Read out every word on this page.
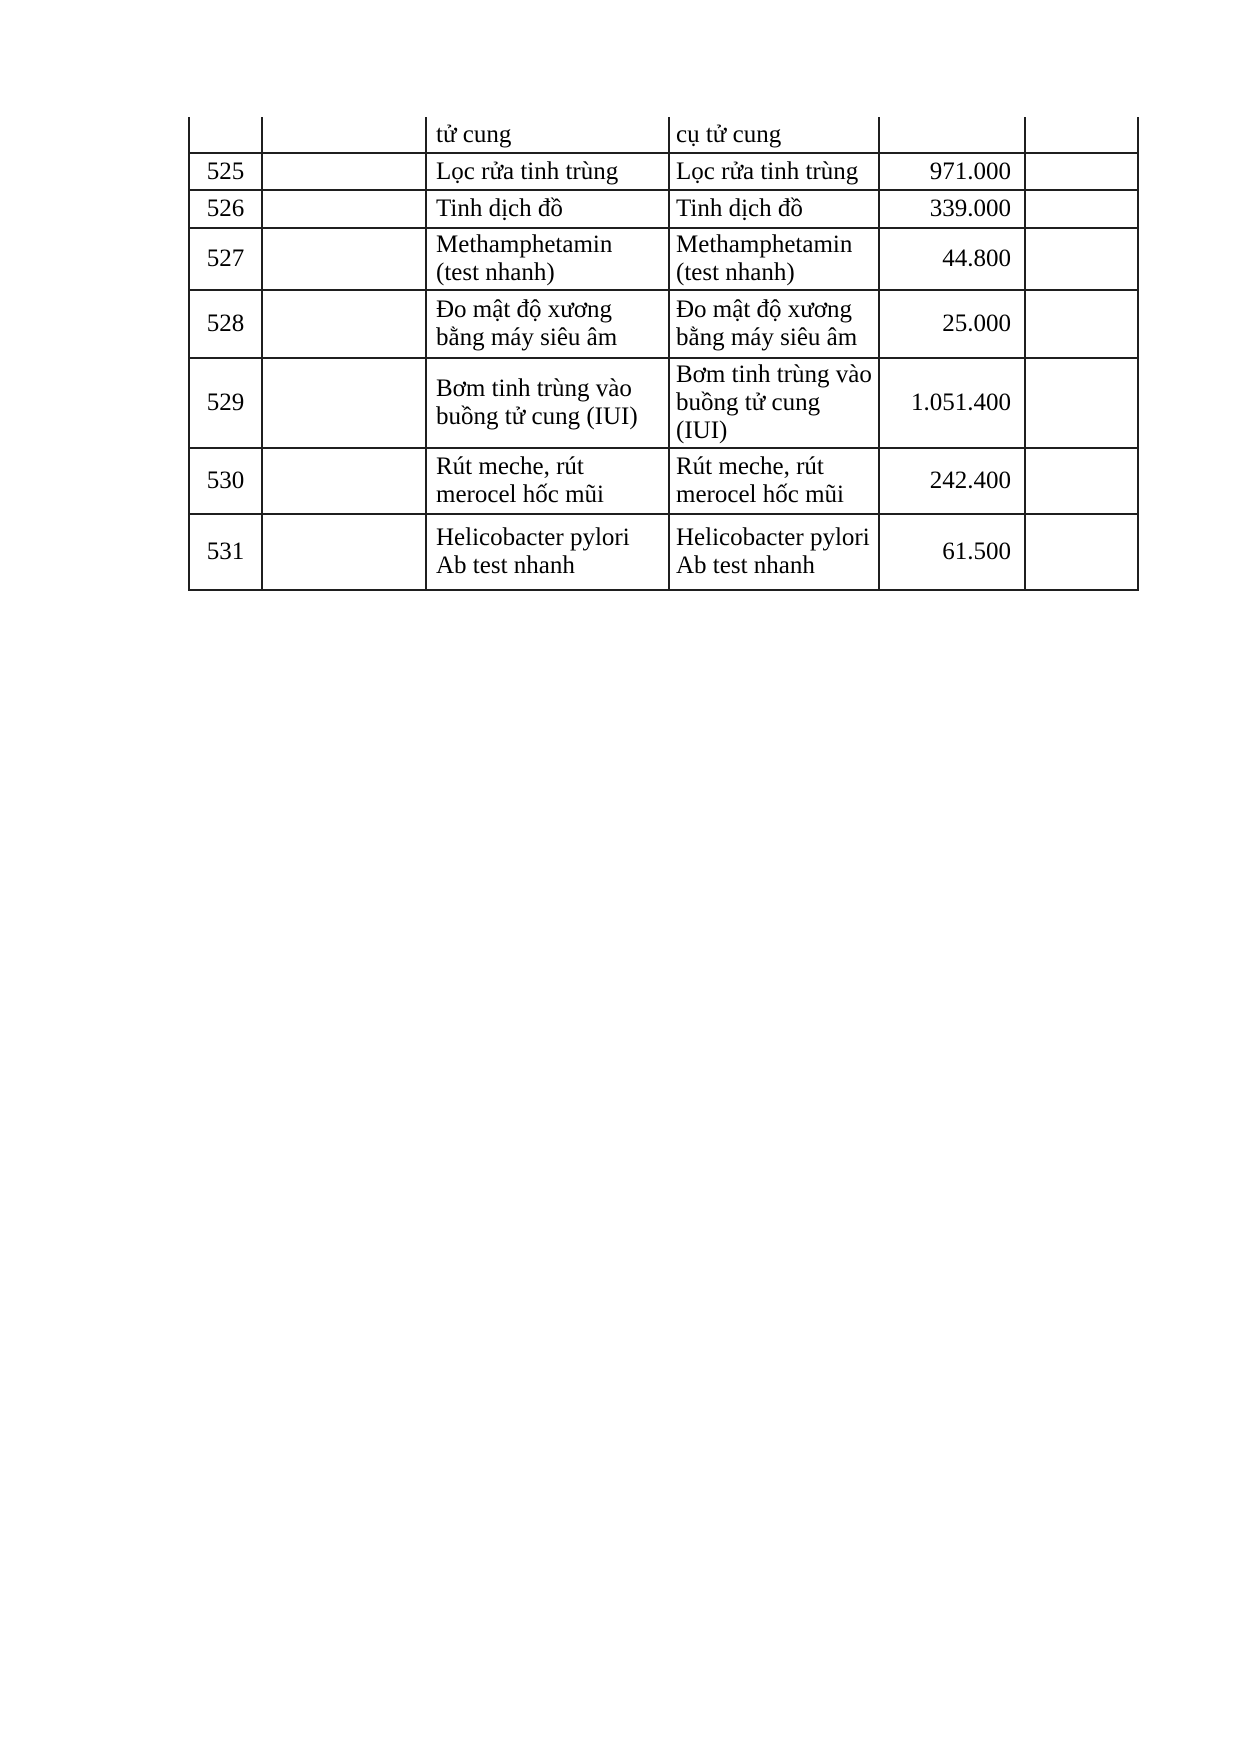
		tử cung	cụ tử cung		
525		Lọc rửa tinh trùng	Lọc rửa tinh trùng	971.000	
526		Tinh dịch đồ	Tinh dịch đồ	339.000	
527		Methamphetamin (test nhanh)	Methamphetamin (test nhanh)	44.800	
528		Đo mật độ xương bằng máy siêu âm	Đo mật độ xương bằng máy siêu âm	25.000	
529		Bơm tinh trùng vào buồng tử cung (IUI)	Bơm tinh trùng vào buồng tử cung (IUI)	1.051.400	
530		Rút meche, rút merocel hốc mũi	Rút meche, rút merocel hốc mũi	242.400	
531		Helicobacter pylori Ab test nhanh	Helicobacter pylori Ab test nhanh	61.500	
